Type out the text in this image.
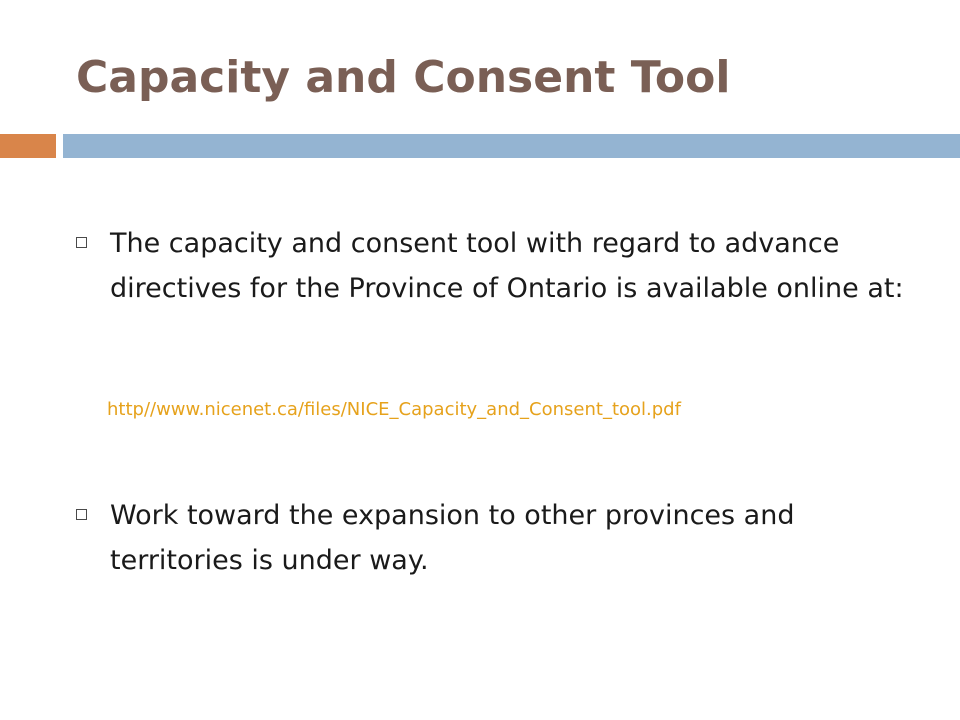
Capacity and Consent Tool

The capacity and consent tool with regard to advance directives for the Province of Ontario is available online at:

http//www.nicenet.ca/files/NICE_Capacity_and_Consent_tool.pdf

Work toward the expansion to other provinces and territories is under way.
